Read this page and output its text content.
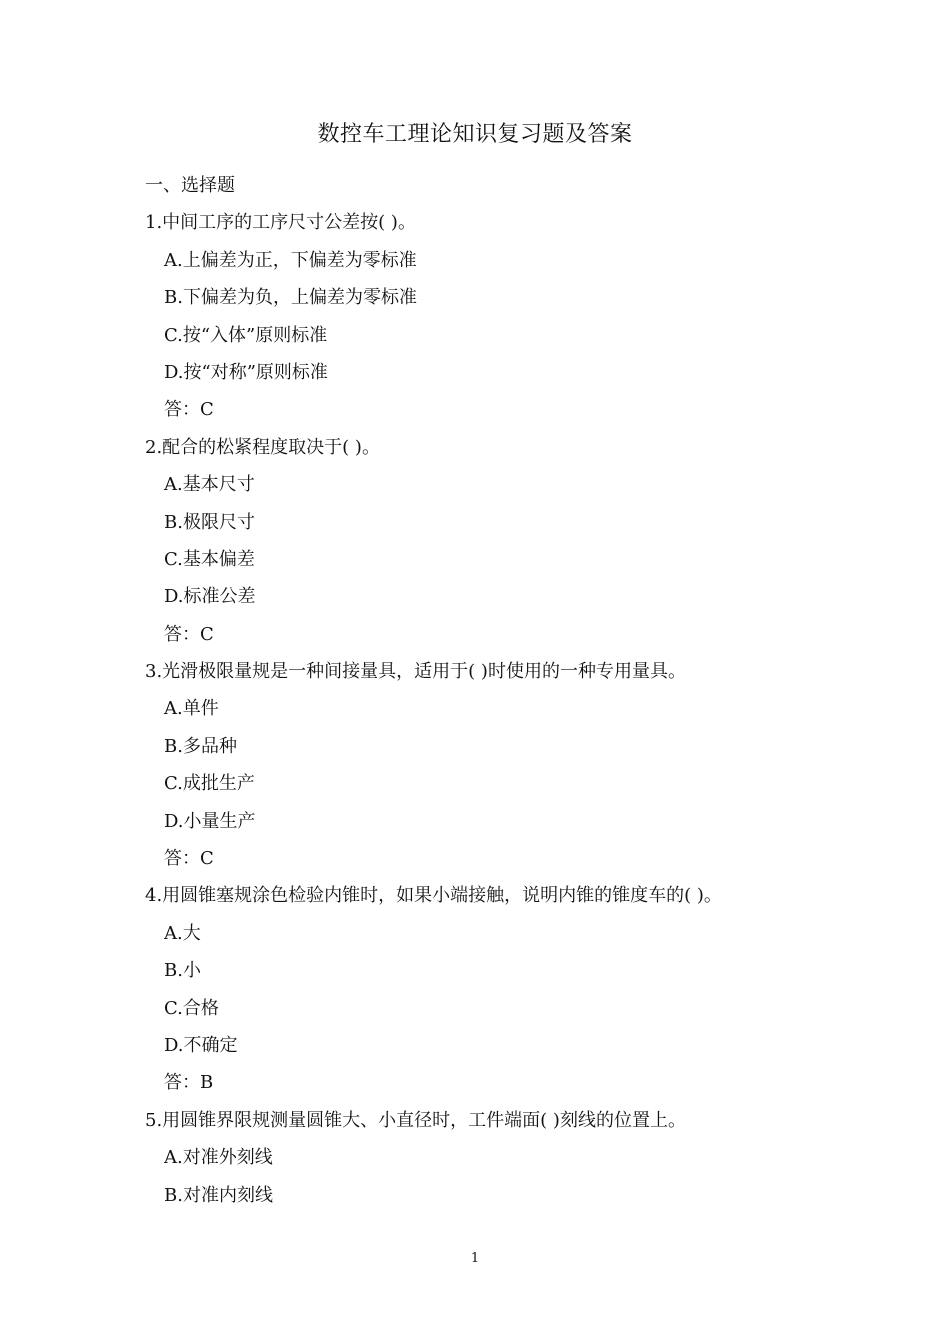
数控车工理论知识复习题及答案
一、选择题
1.中间工序的工序尺寸公差按( )。
A.上偏差为正，下偏差为零标准
B.下偏差为负，上偏差为零标准
C.按“入体”原则标准
D.按“对称”原则标准
答：C
2.配合的松紧程度取决于( )。
A.基本尺寸
B.极限尺寸
C.基本偏差
D.标准公差
答：C
3.光滑极限量规是一种间接量具，适用于( )时使用的一种专用量具。
A.单件
B.多品种
C.成批生产
D.小量生产
答：C
4.用圆锥塞规涂色检验内锥时，如果小端接触，说明内锥的锥度车的( )。
A.大
B.小
C.合格
D.不确定
答：B
5.用圆锥界限规测量圆锥大、小直径时，工件端面( )刻线的位置上。
A.对准外刻线
B.对准内刻线
1
